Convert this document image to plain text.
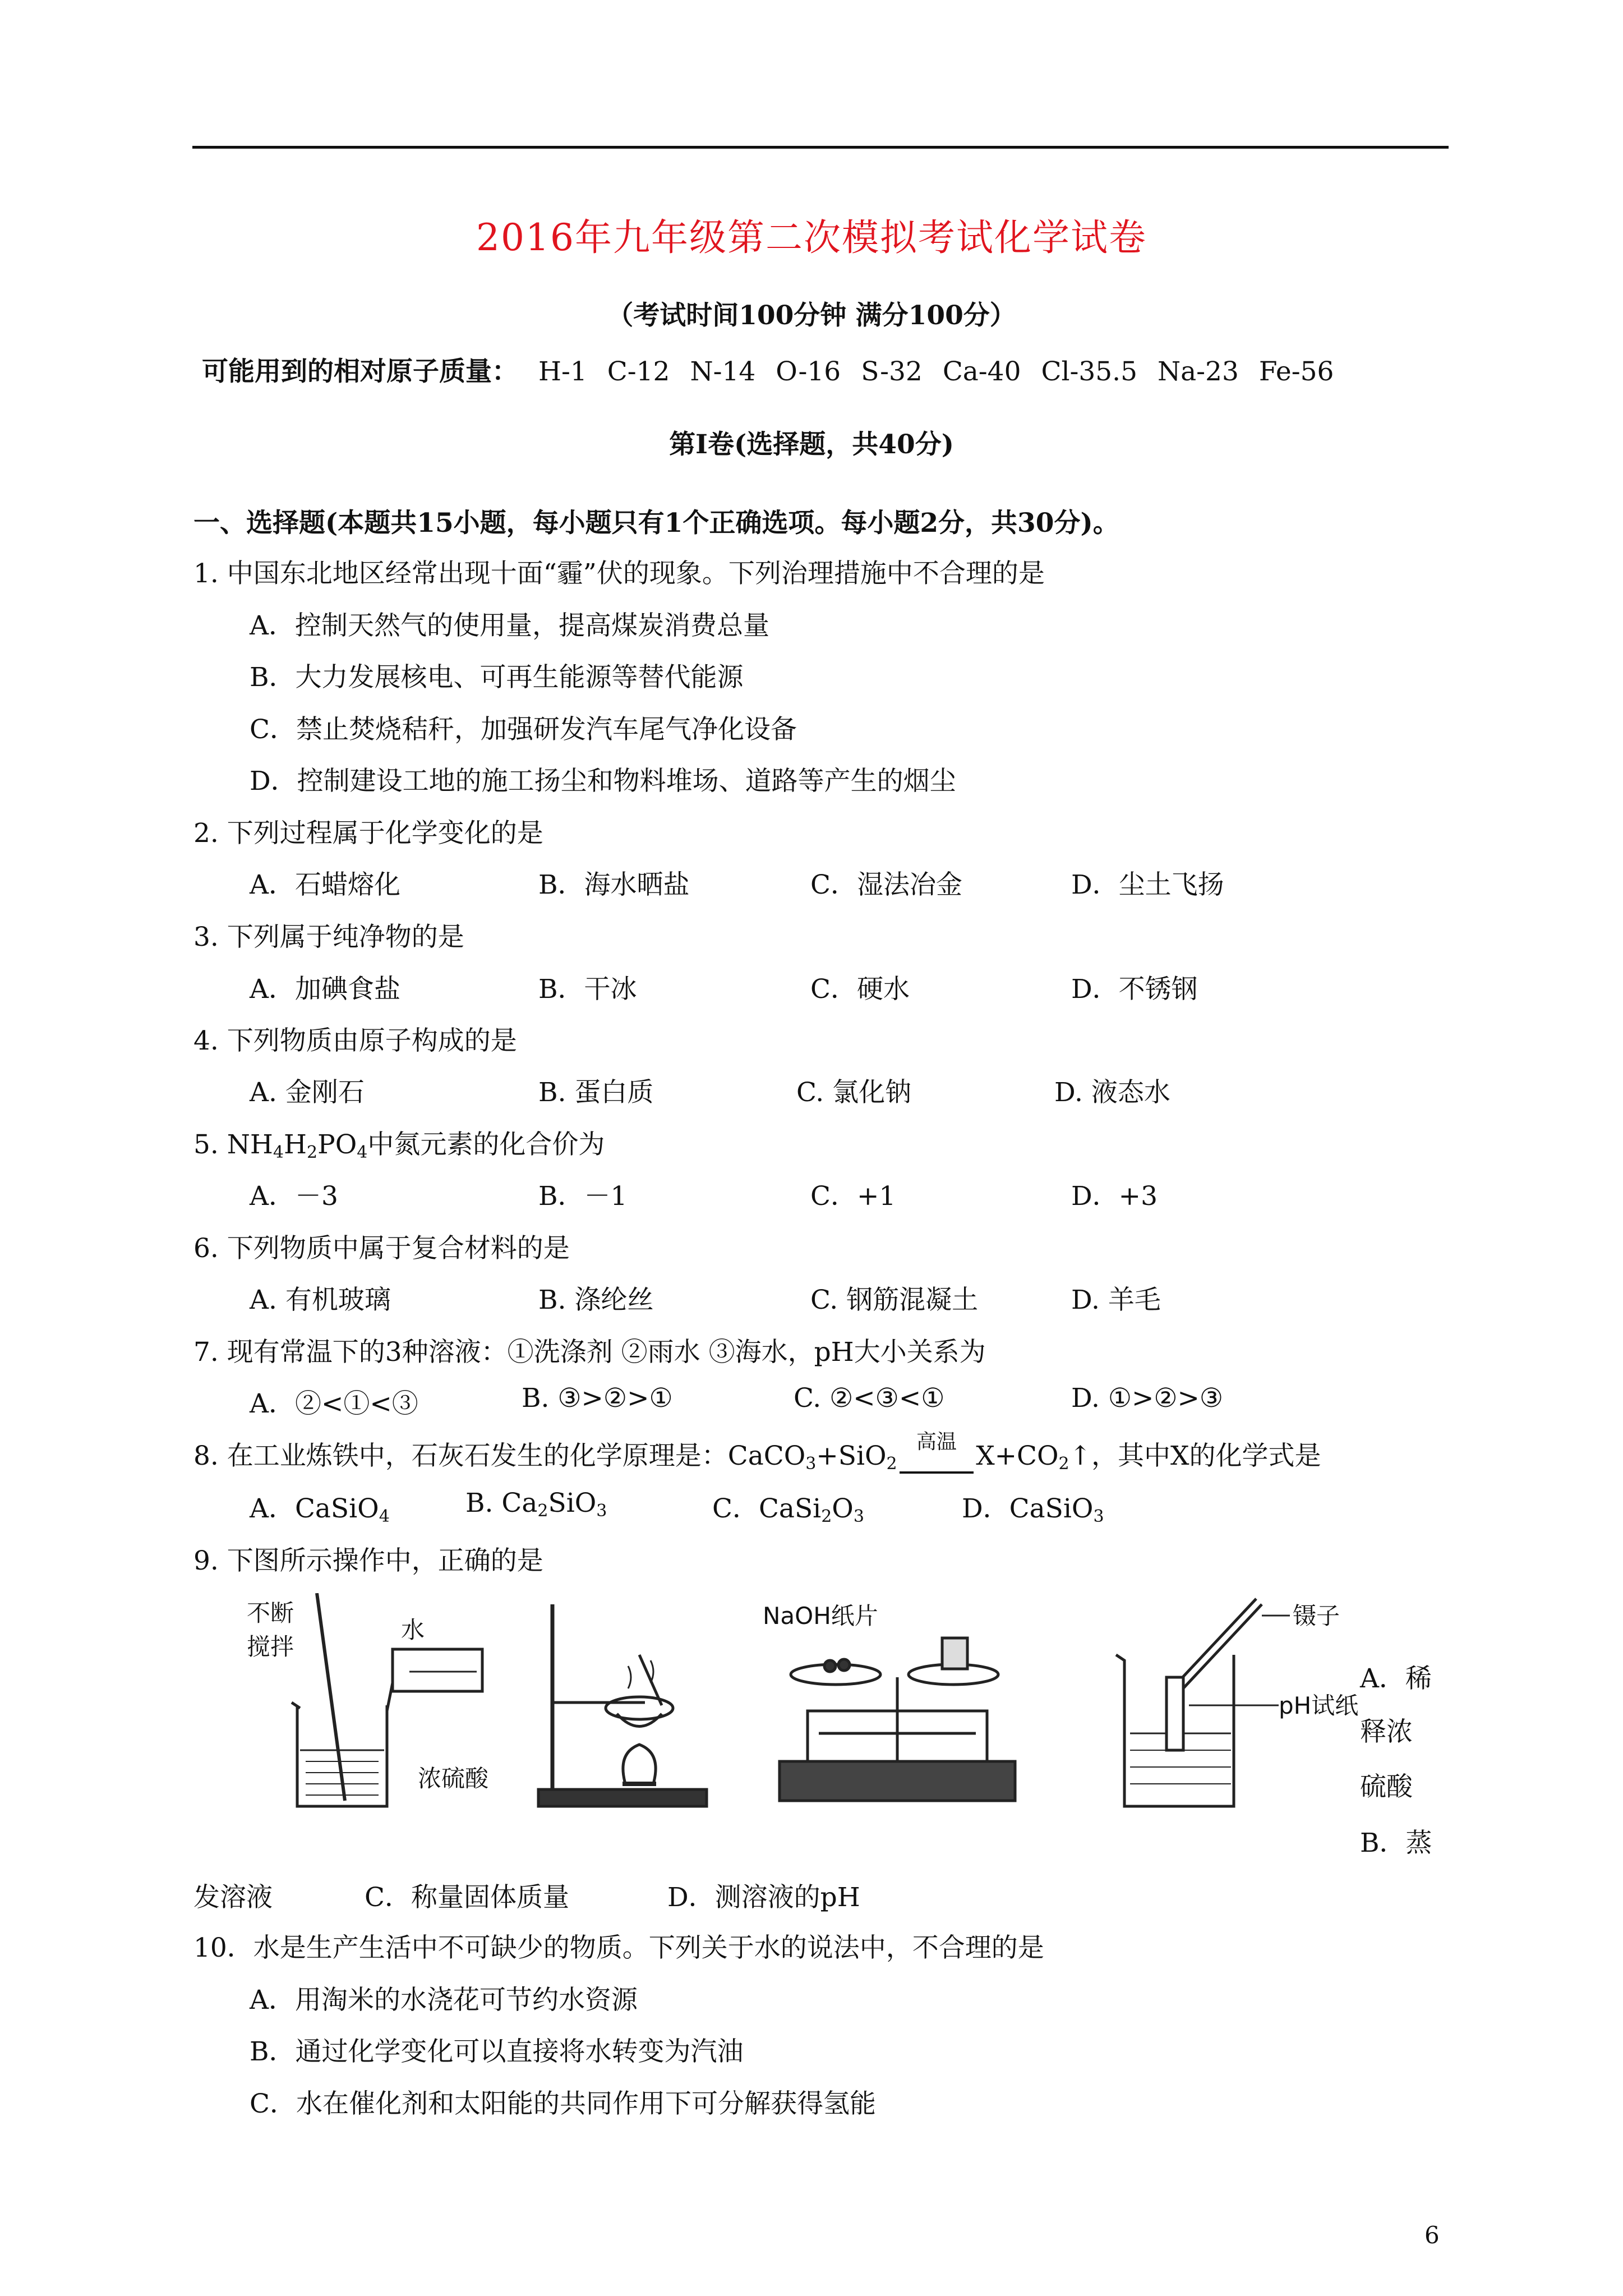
2016年九年级第二次模拟考试化学试卷
（考试时间100分钟 满分100分）
可能用到的相对原子质量： H-1 C-12 N-14 O-16 S-32 Ca-40 Cl-35.5 Na-23 Fe-56
第Ⅰ卷(选择题，共40分)
一、选择题(本题共15小题，每小题只有1个正确选项。每小题2分，共30分)。
1. 中国东北地区经常出现十面“霾”伏的现象。下列治理措施中不合理的是
A．控制天然气的使用量，提高煤炭消费总量
B．大力发展核电、可再生能源等替代能源
C．禁止焚烧秸秆，加强研发汽车尾气净化设备
D．控制建设工地的施工扬尘和物料堆场、道路等产生的烟尘
2. 下列过程属于化学变化的是
A．石蜡熔化	B．海水晒盐	C．湿法冶金	D．尘土飞扬
3. 下列属于纯净物的是
A．加碘食盐	B．干冰	C．硬水	D．不锈钢
4. 下列物质由原子构成的是
A. 金刚石	B. 蛋白质	C. 氯化钠	D. 液态水
5. $NH_4H_2PO_4$中氮元素的化合价为
A．－3	B．－1	C．+1	D．+3
6. 下列物质中属于复合材料的是
A. 有机玻璃	B. 涤纶丝	C. 钢筋混凝土	D. 羊毛
7. 现有常温下的3种溶液：①洗涤剂 ②雨水 ③海水，pH大小关系为
A．②<①<③	B. ③>②>①	C. ②<③<①	D. ①>②>③
8. 在工业炼铁中，石灰石发生的化学原理是：CaCO$_3$+SiO$_2$
高温 $X+CO_2↑$，其中X的化学式是
A．CaSiO$_4$	B. $Ca_2SiO_3$	C．$CaSi_2O_3$	D．CaSiO$_3$
9. 下图所示操作中，正确的是
不断
搅拌
水
浓硫酸
NaOH纸片	镊子
pH试纸
A．稀
释浓
硫酸
B．蒸
发溶液	C．称量固体质量	D．测溶液的pH
10．水是生产生活中不可缺少的物质。下列关于水的说法中，不合理的是
A．用淘米的水浇花可节约水资源
B．通过化学变化可以直接将水转变为汽油
C．水在催化剂和太阳能的共同作用下可分解获得氢能
6
